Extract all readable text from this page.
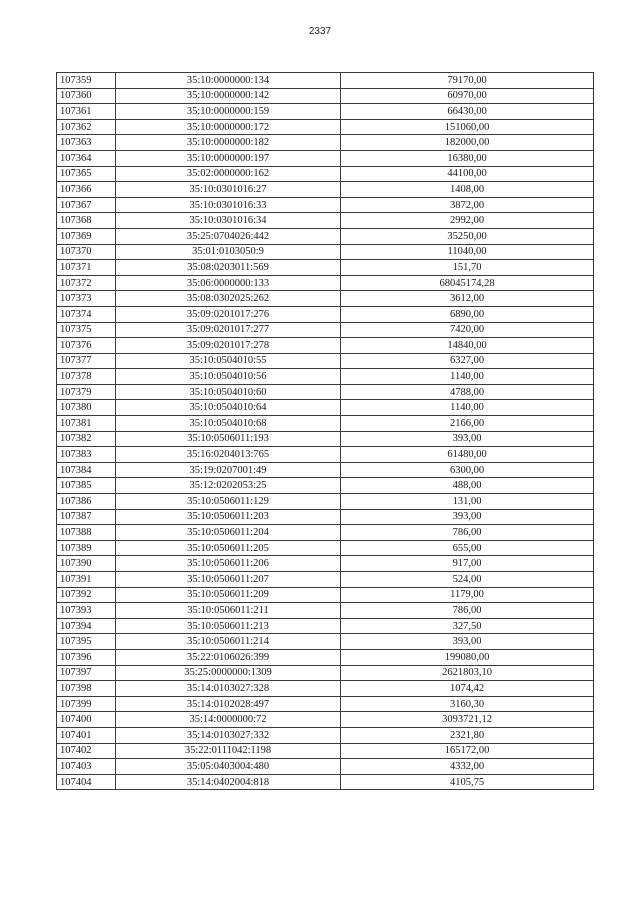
2337
107359	35:10:0000000:134	79170,00
107360	35:10:0000000:142	60970,00
107361	35:10:0000000:159	66430,00
107362	35:10:0000000:172	151060,00
107363	35:10:0000000:182	182000,00
107364	35:10:0000000:197	16380,00
107365	35:02:0000000:162	44100,00
107366	35:10:0301016:27	1408,00
107367	35:10:0301016:33	3872,00
107368	35:10:0301016:34	2992,00
107369	35:25:0704026:442	35250,00
107370	35:01:0103050:9	11040,00
107371	35:08:0203011:569	151,70
107372	35:06:0000000:133	68045174,28
107373	35:08:0302025:262	3612,00
107374	35:09:0201017:276	6890,00
107375	35:09:0201017:277	7420,00
107376	35:09:0201017:278	14840,00
107377	35:10:0504010:55	6327,00
107378	35:10:0504010:56	1140,00
107379	35:10:0504010:60	4788,00
107380	35:10:0504010:64	1140,00
107381	35:10:0504010:68	2166,00
107382	35:10:0506011:193	393,00
107383	35:16:0204013:765	61480,00
107384	35:19:0207001:49	6300,00
107385	35:12:0202053:25	488,00
107386	35:10:0506011:129	131,00
107387	35:10:0506011:203	393,00
107388	35:10:0506011:204	786,00
107389	35:10:0506011:205	655,00
107390	35:10:0506011:206	917,00
107391	35:10:0506011:207	524,00
107392	35:10:0506011:209	1179,00
107393	35:10:0506011:211	786,00
107394	35:10:0506011:213	327,50
107395	35:10:0506011:214	393,00
107396	35:22:0106026:399	199080,00
107397	35:25:0000000:1309	2621803,10
107398	35:14:0103027:328	1074,42
107399	35:14:0102028:497	3160,30
107400	35:14:0000000:72	3093721,12
107401	35:14:0103027:332	2321,80
107402	35:22:0111042:1198	165172,00
107403	35:05:0403004:480	4332,00
107404	35:14:0402004:818	4105,75
